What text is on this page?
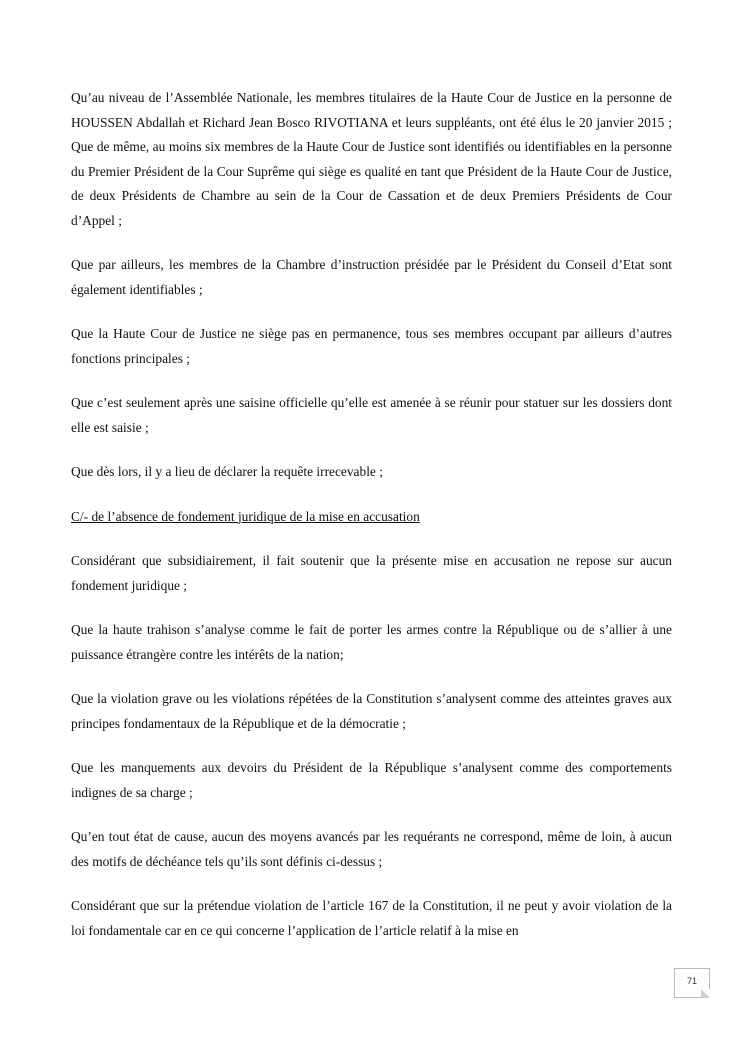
Qu’au niveau de l’Assemblée Nationale, les membres titulaires de la Haute Cour de Justice en la personne de HOUSSEN Abdallah et Richard Jean Bosco RIVOTIANA et leurs suppléants, ont été élus le 20 janvier 2015 ; Que de même, au moins six membres de la Haute Cour de Justice sont identifiés ou identifiables en la personne du Premier Président de la Cour Suprême qui siège es qualité en tant que Président de la Haute Cour de Justice, de deux Présidents de Chambre au sein de la Cour de Cassation et de deux Premiers Présidents de Cour d’Appel ;

Que par ailleurs, les membres de la Chambre d’instruction présidée par le Président du Conseil d’Etat sont également identifiables ;

Que la Haute Cour de Justice ne siège pas en permanence, tous ses membres occupant par ailleurs d’autres fonctions principales ;

Que c’est seulement après une saisine officielle qu’elle est amenée à se réunir pour statuer sur les dossiers dont elle est saisie ;

Que dès lors, il y a lieu de déclarer la requête irrecevable ;

C/- de l’absence de fondement juridique de la mise en accusation

Considérant que subsidiairement, il fait soutenir que la présente mise en accusation ne repose sur aucun fondement juridique ;

Que la haute trahison s’analyse comme le fait de porter les armes contre la République ou de s’allier à une puissance étrangère contre les intérêts de la nation;

Que la violation grave ou les violations répétées de la Constitution s’analysent comme des atteintes graves aux principes fondamentaux de la République et de la démocratie ;

Que les manquements aux devoirs du Président de la République s’analysent comme des comportements indignes de sa charge ;

Qu’en tout état de cause, aucun des moyens avancés par les requérants ne correspond, même de loin, à aucun des motifs de déchéance tels qu’ils sont définis ci-dessus ;

Considérant que sur la prétendue violation de l’article 167 de la Constitution, il ne peut y avoir violation de la loi fondamentale car en ce qui concerne l’application de l’article relatif à la mise en

71
